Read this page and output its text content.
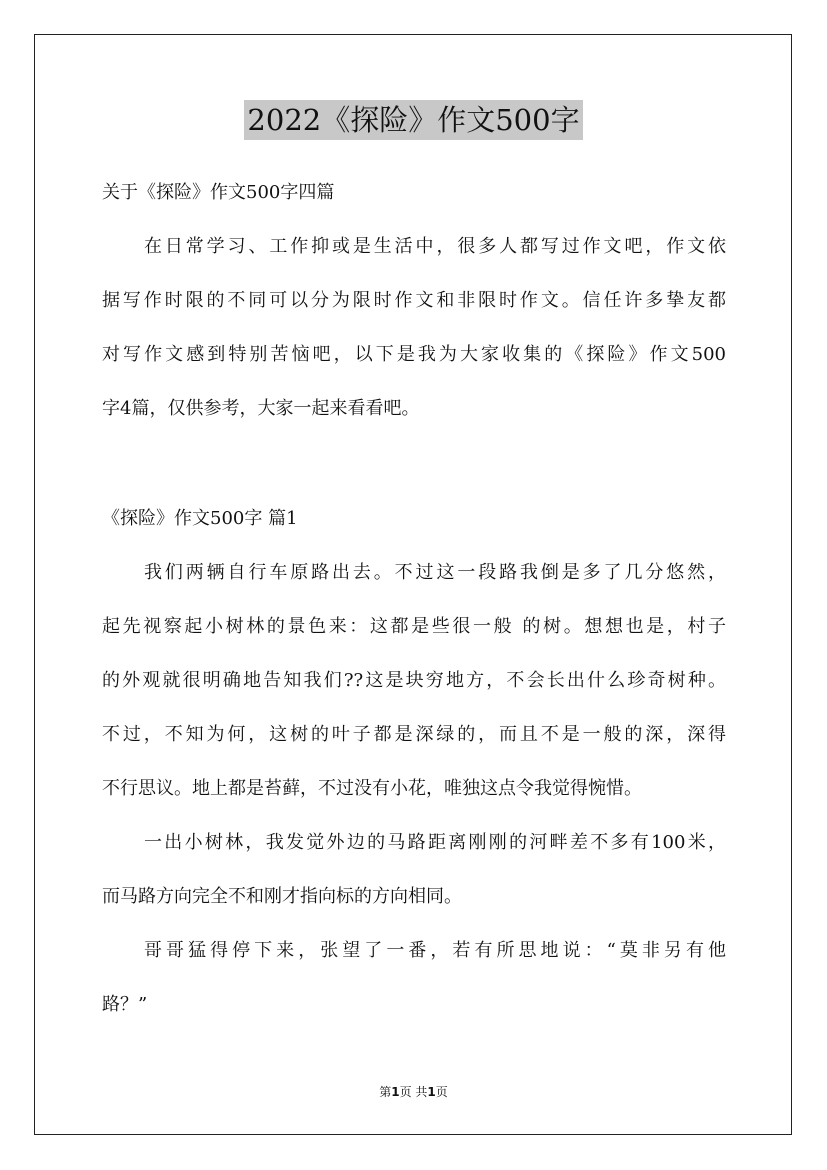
2022《探险》作文500字
关于《探险》作文500字四篇
在日常学习、工作抑或是生活中，很多人都写过作文吧，作文依
据写作时限的不同可以分为限时作文和非限时作文。信任许多挚友都
对写作文感到特别苦恼吧，以下是我为大家收集的《探险》作文500
字4篇，仅供参考，大家一起来看看吧。
《探险》作文500字 篇1
我们两辆自行车原路出去。不过这一段路我倒是多了几分悠然，
起先视察起小树林的景色来：这都是些很一般 的树。想想也是，村子
的外观就很明确地告知我们??这是块穷地方，不会长出什么珍奇树种。
不过，不知为何，这树的叶子都是深绿的，而且不是一般的深，深得
不行思议。地上都是苔藓，不过没有小花，唯独这点令我觉得惋惜。
一出小树林，我发觉外边的马路距离刚刚的河畔差不多有100米，
而马路方向完全不和刚才指向标的方向相同。
哥哥猛得停下来，张望了一番，若有所思地说：“莫非另有他
路？”
第1页 共1页
